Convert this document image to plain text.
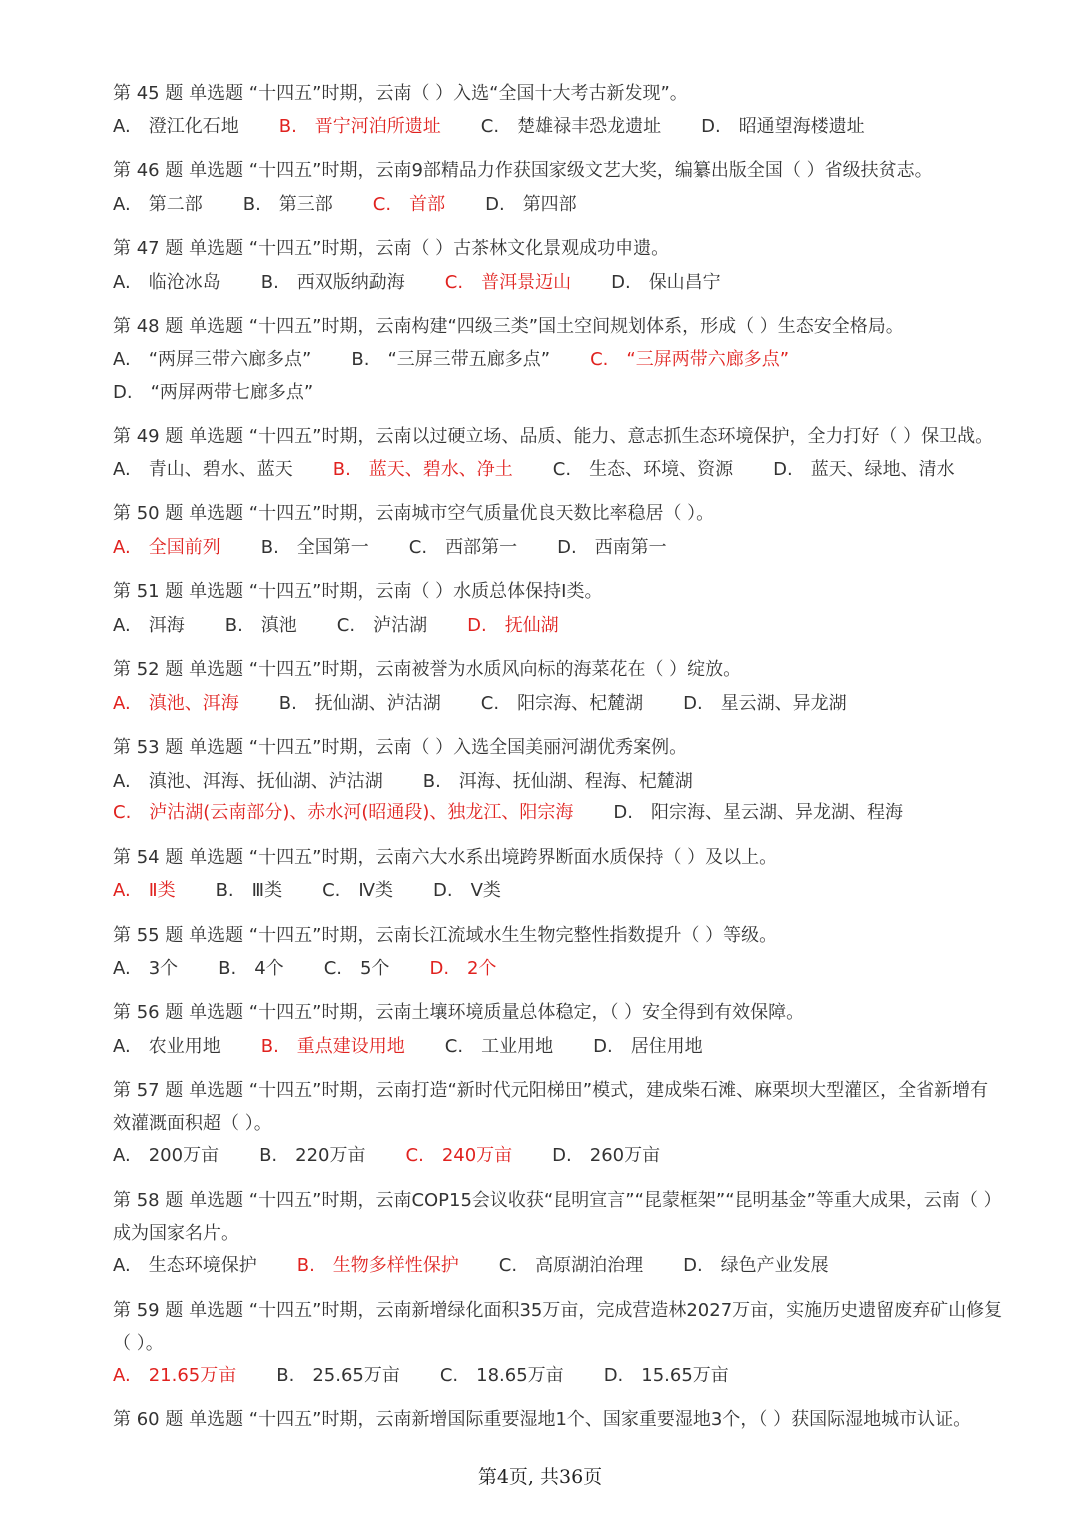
第 45 题 单选题 “十四五”时期，云南（ ）入选“全国十大考古新发现”。
A. 澄江化石地 B. 晋宁河泊所遗址 C. 楚雄禄丰恐龙遗址 D. 昭通望海楼遗址
第 46 题 单选题 “十四五”时期，云南9部精品力作获国家级文艺大奖，编纂出版全国（ ）省级扶贫志。
A. 第二部 B. 第三部 C. 首部 D. 第四部
第 47 题 单选题 “十四五”时期，云南（ ）古茶林文化景观成功申遗。
A. 临沧冰岛 B. 西双版纳勐海 C. 普洱景迈山 D. 保山昌宁
第 48 题 单选题 “十四五”时期，云南构建“四级三类”国土空间规划体系，形成（ ）生态安全格局。
A. “两屏三带六廊多点” B. “三屏三带五廊多点” C. “三屏两带六廊多点”
D. “两屏两带七廊多点”
第 49 题 单选题 “十四五”时期，云南以过硬立场、品质、能力、意志抓生态环境保护，全力打好（ ）保卫战。
A. 青山、碧水、蓝天 B. 蓝天、碧水、净土 C. 生态、环境、资源 D. 蓝天、绿地、清水
第 50 题 单选题 “十四五”时期，云南城市空气质量优良天数比率稳居（ ）。
A. 全国前列 B. 全国第一 C. 西部第一 D. 西南第一
第 51 题 单选题 “十四五”时期，云南（ ）水质总体保持Ⅰ类。
A. 洱海 B. 滇池 C. 泸沽湖 D. 抚仙湖
第 52 题 单选题 “十四五”时期，云南被誉为水质风向标的海菜花在（ ）绽放。
A. 滇池、洱海 B. 抚仙湖、泸沽湖 C. 阳宗海、杞麓湖 D. 星云湖、异龙湖
第 53 题 单选题 “十四五”时期，云南（ ）入选全国美丽河湖优秀案例。
A. 滇池、洱海、抚仙湖、泸沽湖 B. 洱海、抚仙湖、程海、杞麓湖
C. 泸沽湖(云南部分)、赤水河(昭通段)、独龙江、阳宗海 D. 阳宗海、星云湖、异龙湖、程海
第 54 题 单选题 “十四五”时期，云南六大水系出境跨界断面水质保持（ ）及以上。
A. Ⅱ类 B. Ⅲ类 C. Ⅳ类 D. Ⅴ类
第 55 题 单选题 “十四五”时期，云南长江流域水生生物完整性指数提升（ ）等级。
A. 3个 B. 4个 C. 5个 D. 2个
第 56 题 单选题 “十四五”时期，云南土壤环境质量总体稳定，（ ）安全得到有效保障。
A. 农业用地 B. 重点建设用地 C. 工业用地 D. 居住用地
第 57 题 单选题 “十四五”时期，云南打造“新时代元阳梯田”模式，建成柴石滩、麻栗坝大型灌区，全省新增有效灌溉面积超（ ）。
A. 200万亩 B. 220万亩 C. 240万亩 D. 260万亩
第 58 题 单选题 “十四五”时期，云南COP15会议收获“昆明宣言”“昆蒙框架”“昆明基金”等重大成果，云南（ ）成为国家名片。
A. 生态环境保护 B. 生物多样性保护 C. 高原湖泊治理 D. 绿色产业发展
第 59 题 单选题 “十四五”时期，云南新增绿化面积35万亩，完成营造林2027万亩，实施历史遗留废弃矿山修复（ ）。
A. 21.65万亩 B. 25.65万亩 C. 18.65万亩 D. 15.65万亩
第 60 题 单选题 “十四五”时期，云南新增国际重要湿地1个、国家重要湿地3个，（ ）获国际湿地城市认证。
第4页, 共36页
